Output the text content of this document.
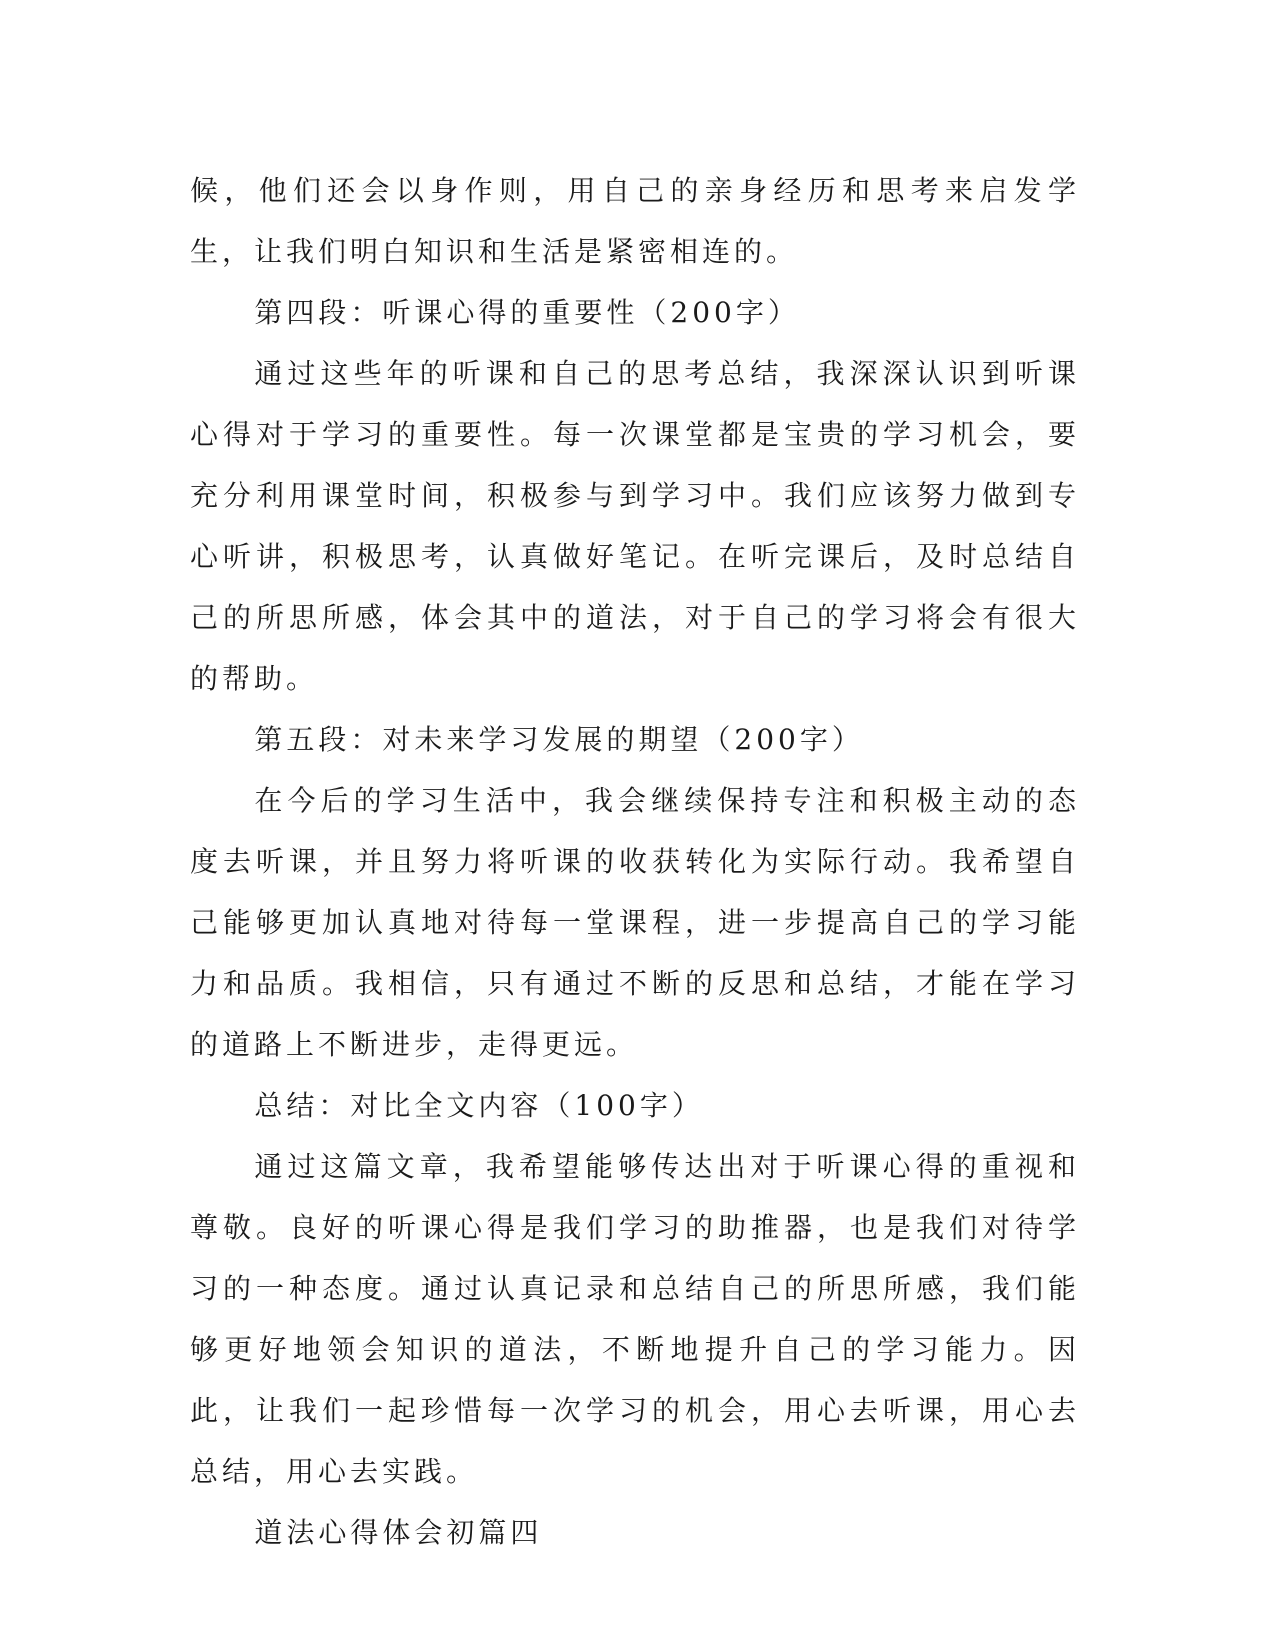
候，他们还会以身作则，用自己的亲身经历和思考来启发学生，让我们明白知识和生活是紧密相连的。

第四段：听课心得的重要性（200字）

通过这些年的听课和自己的思考总结，我深深认识到听课心得对于学习的重要性。每一次课堂都是宝贵的学习机会，要充分利用课堂时间，积极参与到学习中。我们应该努力做到专心听讲，积极思考，认真做好笔记。在听完课后，及时总结自己的所思所感，体会其中的道法，对于自己的学习将会有很大的帮助。

第五段：对未来学习发展的期望（200字）

在今后的学习生活中，我会继续保持专注和积极主动的态度去听课，并且努力将听课的收获转化为实际行动。我希望自己能够更加认真地对待每一堂课程，进一步提高自己的学习能力和品质。我相信，只有通过不断的反思和总结，才能在学习的道路上不断进步，走得更远。

总结：对比全文内容（100字）

通过这篇文章，我希望能够传达出对于听课心得的重视和尊敬。良好的听课心得是我们学习的助推器，也是我们对待学习的一种态度。通过认真记录和总结自己的所思所感，我们能够更好地领会知识的道法，不断地提升自己的学习能力。因此，让我们一起珍惜每一次学习的机会，用心去听课，用心去总结，用心去实践。

道法心得体会初篇四
